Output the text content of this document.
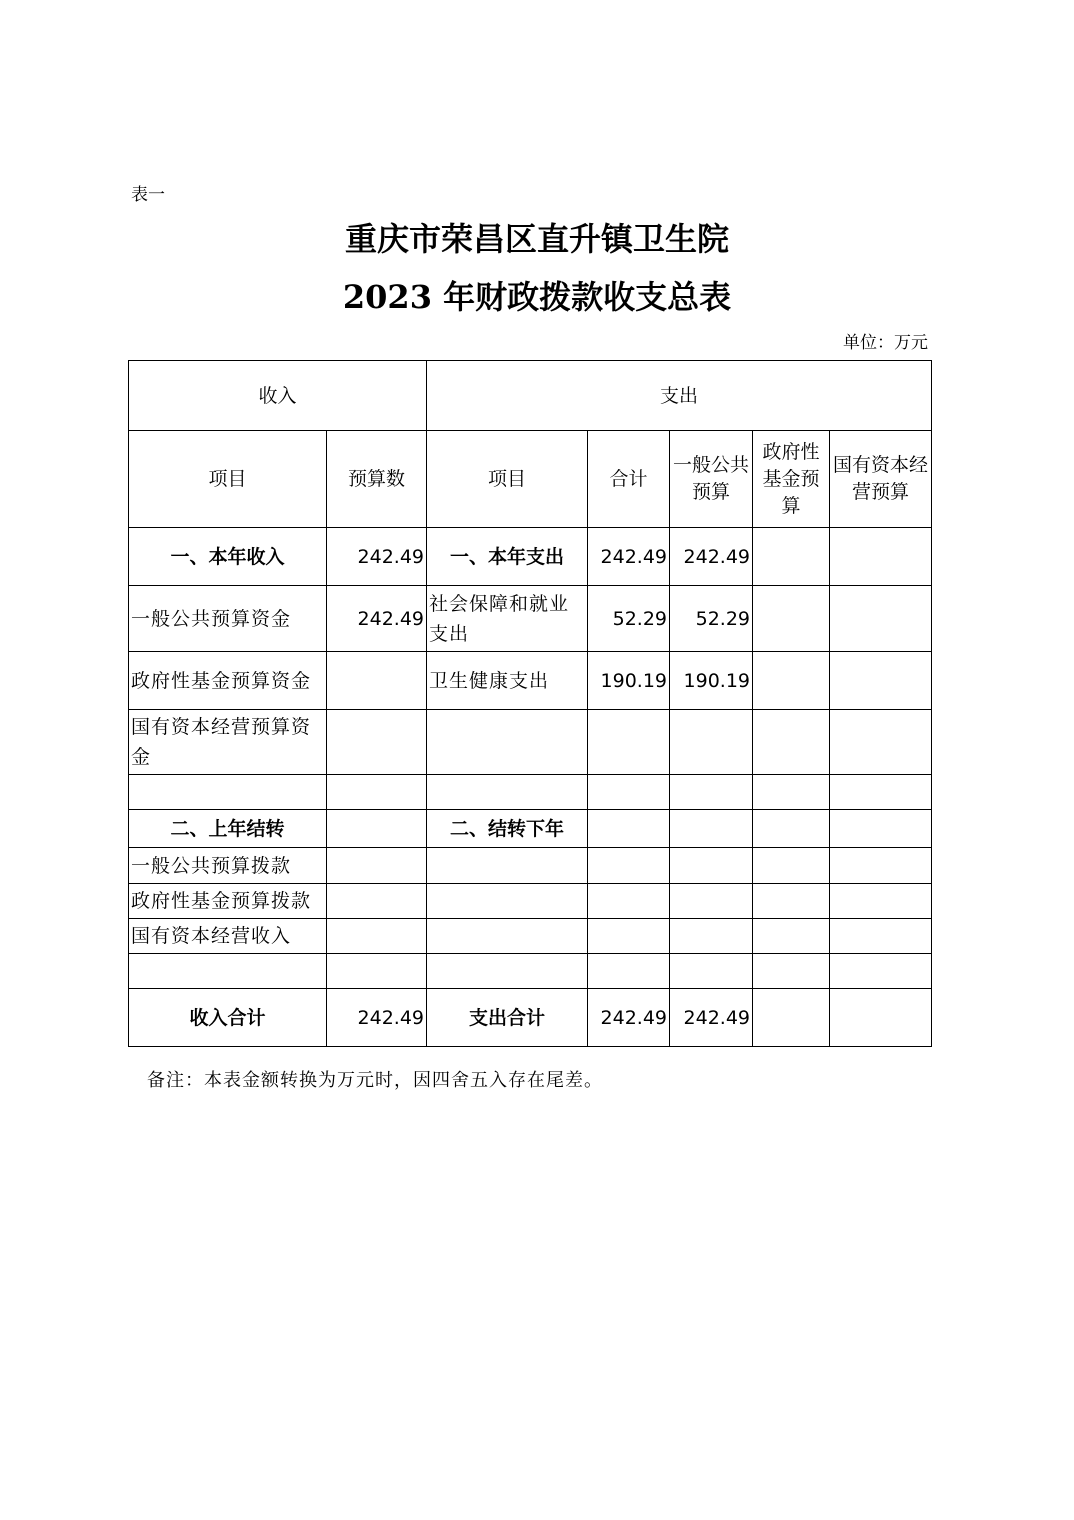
表一
重庆市荣昌区直升镇卫生院
2023 年财政拨款收支总表
单位：万元
收入		支出				
项目	预算数	项目	合计	一般公共预算	政府性基金预算	国有资本经营预算
一、本年收入	242.49	一、本年支出	242.49	242.49		
一般公共预算资金	242.49	社会保障和就业支出	52.29	52.29		
政府性基金预算资金		卫生健康支出	190.19	190.19		
国有资本经营预算资金						

二、上年结转		二、结转下年				
一般公共预算拨款						
政府性基金预算拨款						
国有资本经营收入						

收入合计	242.49	支出合计	242.49	242.49		
备注：本表金额转换为万元时，因四舍五入存在尾差。
